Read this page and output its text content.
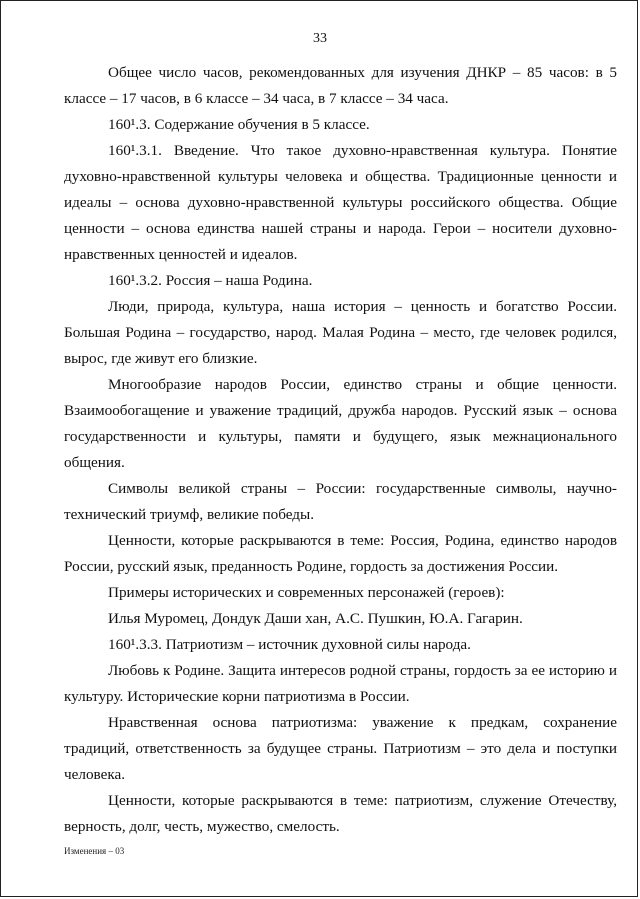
33

Общее число часов, рекомендованных для изучения ДНКР – 85 часов: в 5 классе – 17 часов, в 6 классе – 34 часа, в 7 классе – 34 часа.

160¹.3. Содержание обучения в 5 классе.

160¹.3.1. Введение. Что такое духовно-нравственная культура. Понятие духовно-нравственной культуры человека и общества. Традиционные ценности и идеалы – основа духовно-нравственной культуры российского общества. Общие ценности – основа единства нашей страны и народа. Герои – носители духовно-нравственных ценностей и идеалов.

160¹.3.2. Россия – наша Родина.

Люди, природа, культура, наша история – ценность и богатство России. Большая Родина – государство, народ. Малая Родина – место, где человек родился, вырос, где живут его близкие.

Многообразие народов России, единство страны и общие ценности. Взаимообогащение и уважение традиций, дружба народов. Русский язык – основа государственности и культуры, памяти и будущего, язык межнационального общения.

Символы великой страны – России: государственные символы, научно-технический триумф, великие победы.

Ценности, которые раскрываются в теме: Россия, Родина, единство народов России, русский язык, преданность Родине, гордость за достижения России.

Примеры исторических и современных персонажей (героев):

Илья Муромец, Дондук Даши хан, А.С. Пушкин, Ю.А. Гагарин.

160¹.3.3. Патриотизм – источник духовной силы народа.

Любовь к Родине. Защита интересов родной страны, гордость за ее историю и культуру. Исторические корни патриотизма в России.

Нравственная основа патриотизма: уважение к предкам, сохранение традиций, ответственность за будущее страны. Патриотизм – это дела и поступки человека.

Ценности, которые раскрываются в теме: патриотизм, служение Отечеству, верность, долг, честь, мужество, смелость.

Изменения – 03
